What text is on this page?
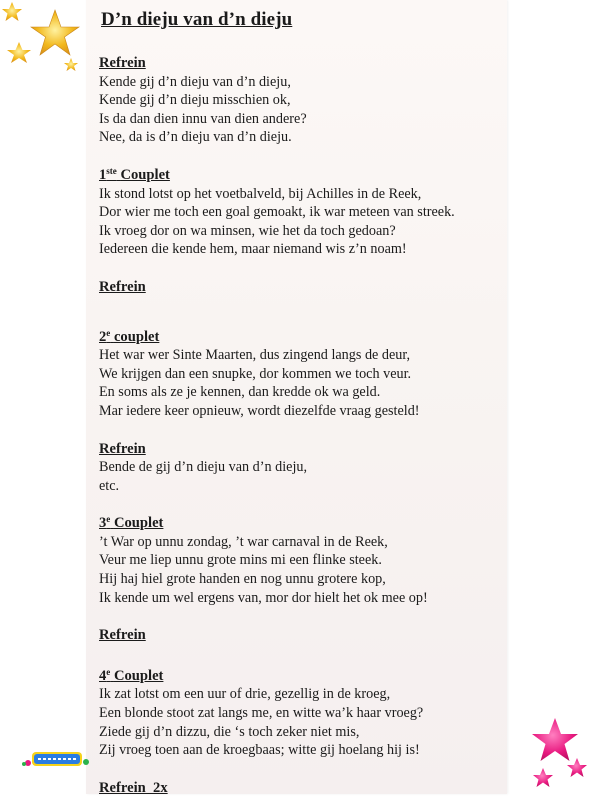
D’n dieju van d’n dieju
Refrein
Kende gij d’n dieju van d’n dieju,
Kende gij d’n dieju misschien ok,
Is da dan dien innu van dien andere?
Nee, da is d’n dieju van d’n dieju.
1ste Couplet
Ik stond lotst op het voetbalveld, bij Achilles in de Reek,
Dor wier me toch een goal gemoakt, ik war meteen van streek.
Ik vroeg dor on wa minsen, wie het da toch gedoan?
Iedereen die kende hem, maar niemand wis z’n noam!
Refrein
2e couplet
Het war wer Sinte Maarten, dus zingend langs de deur,
We krijgen dan een snupke, dor kommen we toch veur.
En soms als ze je kennen, dan kredde ok wa geld.
Mar iedere keer opnieuw, wordt diezelfde vraag gesteld!
Refrein
Bende de gij d’n dieju van d’n dieju,
etc.
3e Couplet
’t War op unnu zondag, ’t war carnaval in de Reek,
Veur me liep unnu grote mins mi een flinke steek.
Hij haj hiel grote handen en nog unnu grotere kop,
Ik kende um wel ergens van, mor dor hielt het ok mee op!
Refrein
4e Couplet
Ik zat lotst om een uur of drie, gezellig in de kroeg,
Een blonde stoot zat langs me, en witte wa’k haar vroeg?
Ziede gij d’n dizzu, die ‘s toch zeker niet mis,
Zij vroeg toen aan de kroegbaas; witte gij hoelang hij is!
Refrein  2x
